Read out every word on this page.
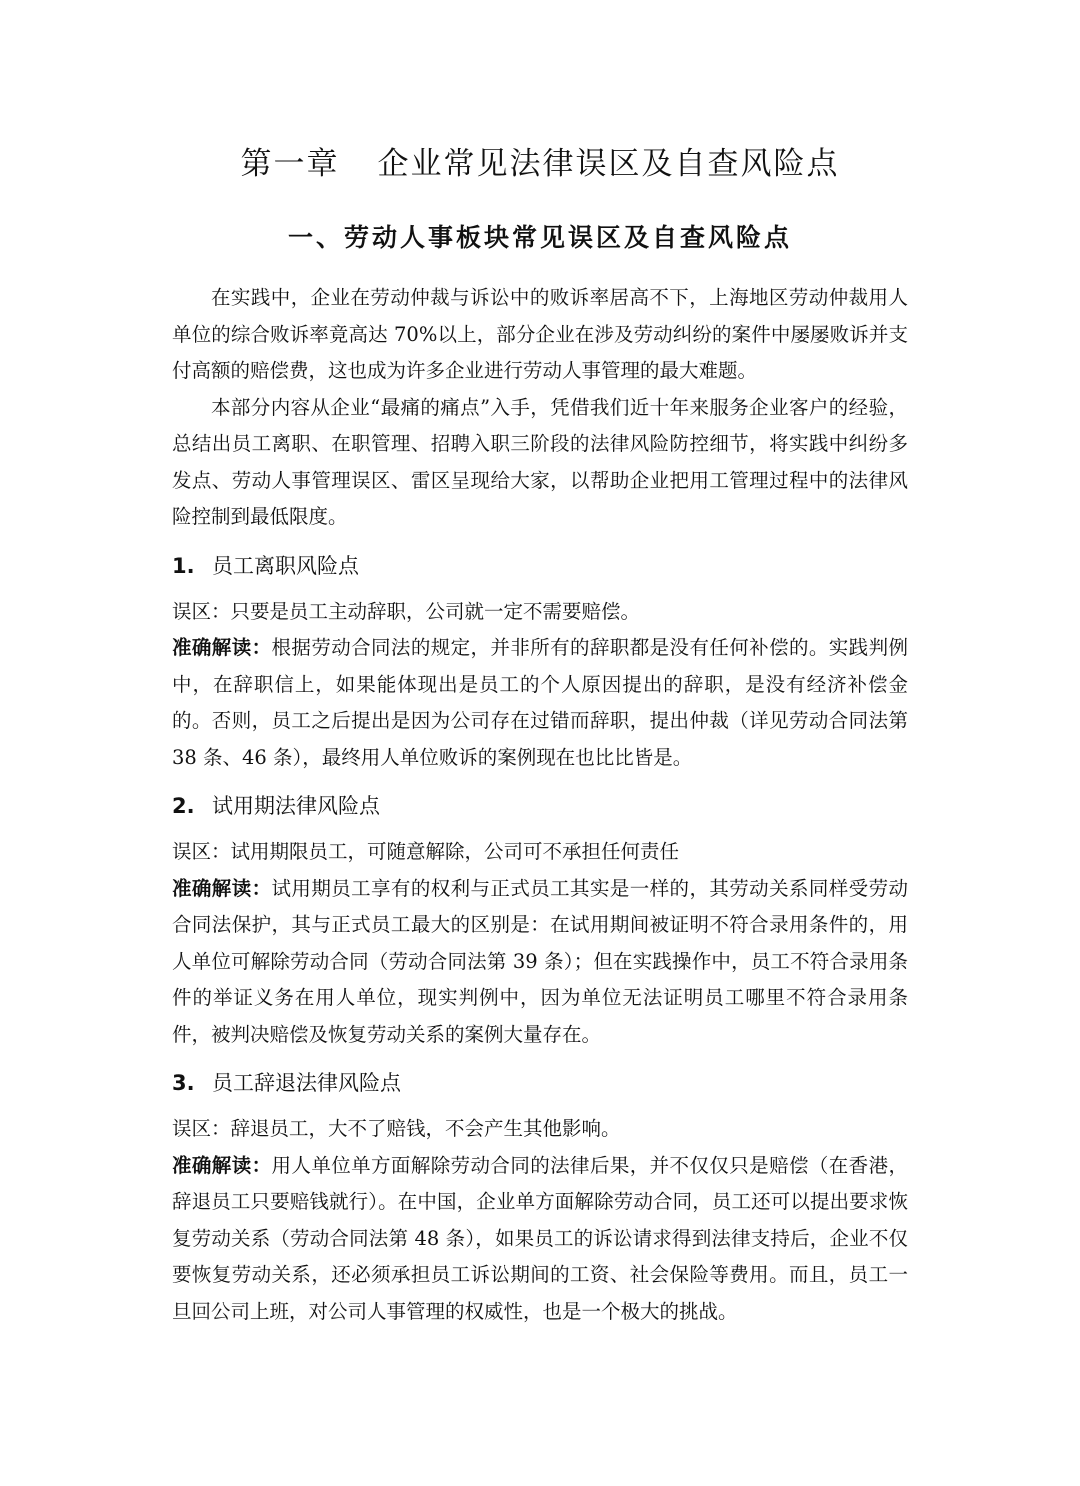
第一章 企业常见法律误区及自查风险点
一、劳动人事板块常见误区及自查风险点

在实践中，企业在劳动仲裁与诉讼中的败诉率居高不下，上海地区劳动仲裁用人单位的综合败诉率竟高达 70%以上，部分企业在涉及劳动纠纷的案件中屡屡败诉并支付高额的赔偿费，这也成为许多企业进行劳动人事管理的最大难题。

本部分内容从企业“最痛的痛点”入手，凭借我们近十年来服务企业客户的经验，总结出员工离职、在职管理、招聘入职三阶段的法律风险防控细节，将实践中纠纷多发点、劳动人事管理误区、雷区呈现给大家，以帮助企业把用工管理过程中的法律风险控制到最低限度。

1. 员工离职风险点

误区：只要是员工主动辞职，公司就一定不需要赔偿。

准确解读：根据劳动合同法的规定，并非所有的辞职都是没有任何补偿的。实践判例中，在辞职信上，如果能体现出是员工的个人原因提出的辞职，是没有经济补偿金的。否则，员工之后提出是因为公司存在过错而辞职，提出仲裁（详见劳动合同法第 38 条、46 条），最终用人单位败诉的案例现在也比比皆是。

2. 试用期法律风险点

误区：试用期限员工，可随意解除，公司可不承担任何责任

准确解读：试用期员工享有的权利与正式员工其实是一样的，其劳动关系同样受劳动合同法保护，其与正式员工最大的区别是：在试用期间被证明不符合录用条件的，用人单位可解除劳动合同（劳动合同法第 39 条）；但在实践操作中，员工不符合录用条件的举证义务在用人单位，现实判例中，因为单位无法证明员工哪里不符合录用条件，被判决赔偿及恢复劳动关系的案例大量存在。

3. 员工辞退法律风险点

误区：辞退员工，大不了赔钱，不会产生其他影响。

准确解读：用人单位单方面解除劳动合同的法律后果，并不仅仅只是赔偿（在香港，辞退员工只要赔钱就行）。在中国，企业单方面解除劳动合同，员工还可以提出要求恢复劳动关系（劳动合同法第 48 条），如果员工的诉讼请求得到法律支持后，企业不仅要恢复劳动关系，还必须承担员工诉讼期间的工资、社会保险等费用。而且，员工一旦回公司上班，对公司人事管理的权威性，也是一个极大的挑战。
